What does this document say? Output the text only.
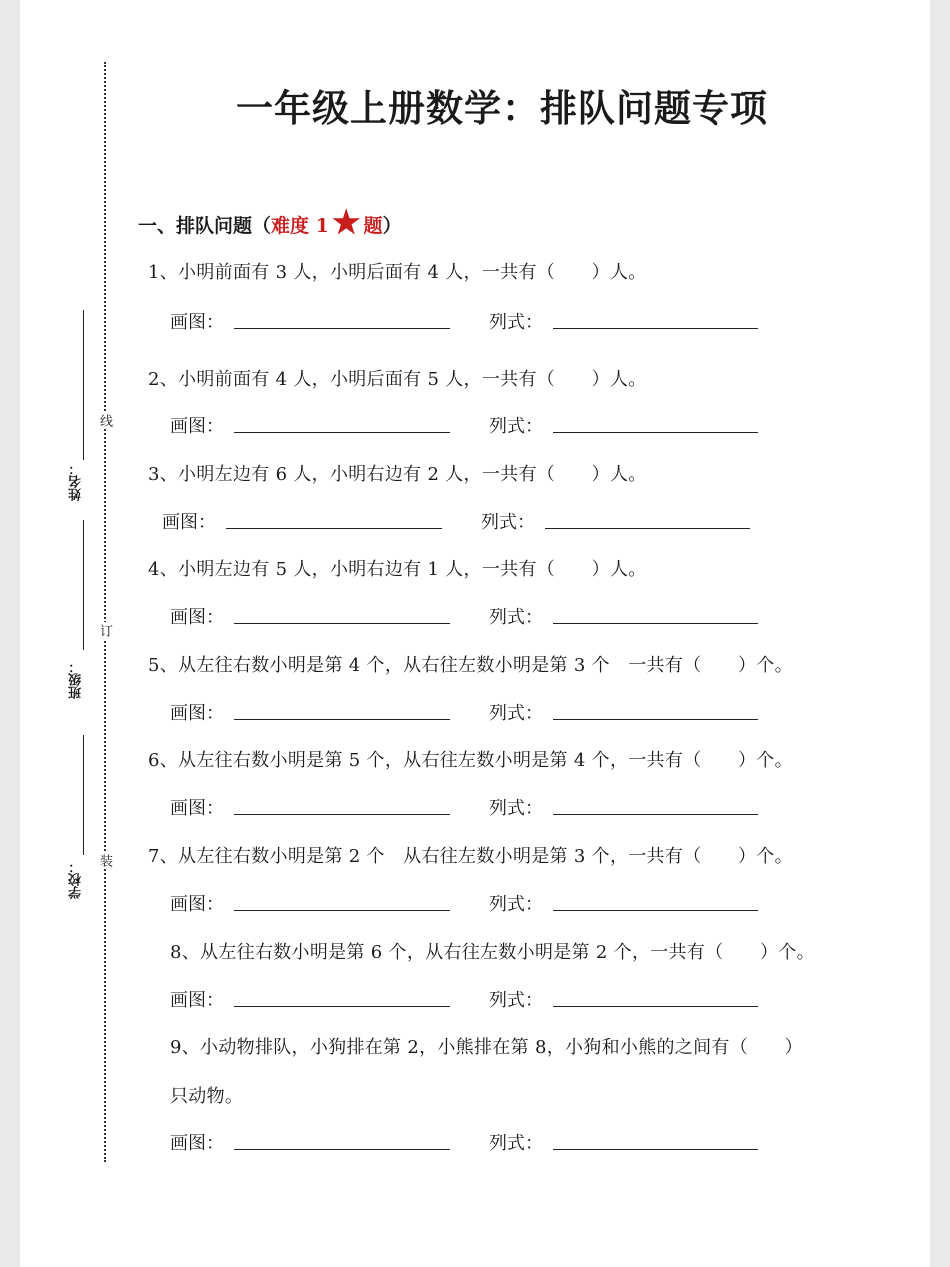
姓名：
班级：
学校：
线
订
装
一年级上册数学：排队问题专项
一、排队问题（ 难度 1 ★ 题 ）
1、小明前面有 3 人，小明后面有 4 人，一共有（　　）人。
画图：	列式：
2、小明前面有 4 人，小明后面有 5 人，一共有（　　）人。
画图：	列式：
3、小明左边有 6 人，小明右边有 2 人，一共有（　　）人。
画图：	列式：
4、小明左边有 5 人，小明右边有 1 人，一共有（　　）人。
画图：	列式：
5、从左往右数小明是第 4 个，从右往左数小明是第 3 个　一共有（　　）个。
画图：	列式：
6、从左往右数小明是第 5 个，从右往左数小明是第 4 个，一共有（　　）个。
画图：	列式：
7、从左往右数小明是第 2 个　从右往左数小明是第 3 个，一共有（　　）个。
画图：	列式：
8、从左往右数小明是第 6 个，从右往左数小明是第 2 个，一共有（　　）个。
画图：	列式：
9、小动物排队，小狗排在第 2，小熊排在第 8，小狗和小熊的之间有（　　）
只动物。
画图：	列式：
